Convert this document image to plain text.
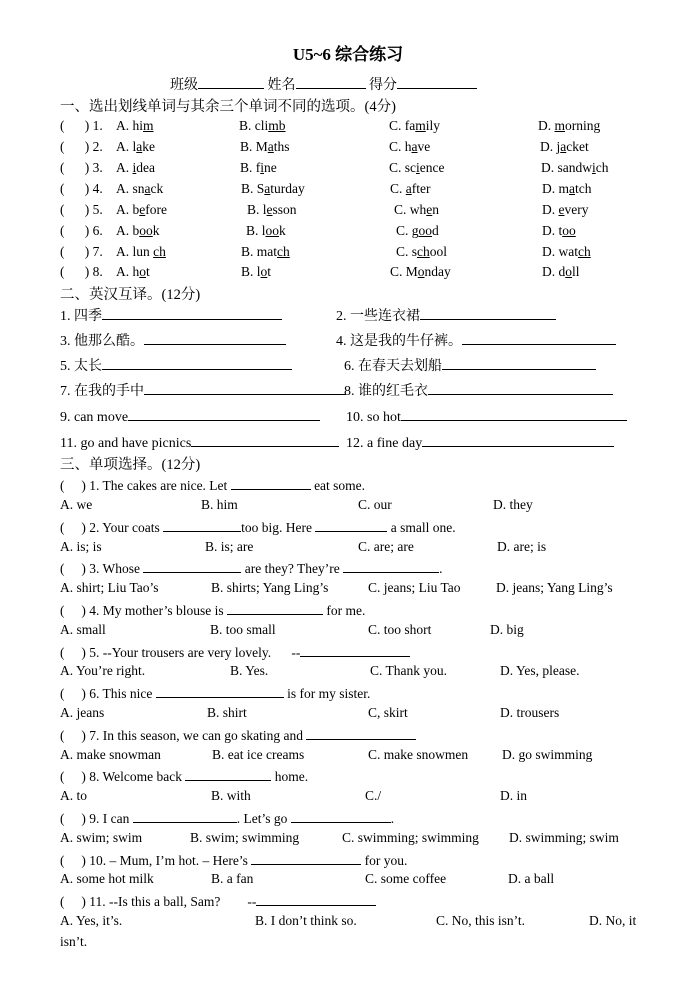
U5~6 综合练习
班级	姓名	得分
一、选出划线单词与其余三个单词不同的选项。(4分)
(      ) 1. A. him	B. climb	C. family	D. morning
(      ) 2. A. lake	B. Maths	C. have	D. jacket
(      ) 3. A. idea	B. fine	C. science	D. sandwich
(      ) 4. A. snack	B. Saturday	C. after	D. match
(      ) 5. A. before	B. lesson	C. when	D. every
(      ) 6. A. book	B. look	C. good	D. too
(      ) 7. A. lun ch	B. match	C. school	D. watch
(      ) 8. A. hot	B. lot	C. Monday	D. doll
二、英汉互译。(12分)
1. 四季	2. 一些连衣裙
3. 他那么酷。	4. 这是我的牛仔裤。
5. 太长	6. 在春天去划船
7. 在我的手中	8. 谁的红毛衣
9. can move	10. so hot
11. go and have picnics	12. a fine day
三、单项选择。(12分)
(     ) 1. The cakes are nice. Let	eat some.
A. we	B. him	C. our	D. they
(     ) 2. Your coats	too big. Here	a small one.
A. is; is	B. is; are	C. are; are	D. are; is
(     ) 3. Whose	are they? They’re	.
A. shirt; Liu Tao’s	B. shirts; Yang Ling’s	C. jeans; Liu Tao	D. jeans; Yang Ling’s
(     ) 4. My mother’s blouse is	for me.
A. small	B. too small	C. too short	D. big
(     ) 5. --Your trousers are very lovely. --
A. You’re right.	B. Yes.	C. Thank you.	D. Yes, please.
(     ) 6. This nice	is for my sister.
A. jeans	B. shirt	C, skirt	D. trousers
(     ) 7. In this season, we can go skating and
A. make snowman	B. eat ice creams	C. make snowmen	D. go swimming
(     ) 8. Welcome back	home.
A. to	B. with	C./	D. in
(     ) 9. I can	. Let’s go	.
A. swim; swim	B. swim; swimming	C. swimming; swimming D. swimming; swim
(     ) 10. – Mum, I’m hot. – Here’s	for you.
A. some hot milk	B. a fan	C. some coffee	D. a ball
(     ) 11. --Is this a ball, Sam? --
A. Yes, it’s.	B. I don’t think so.	C. No, this isn’t.	D. No, it
isn’t.
